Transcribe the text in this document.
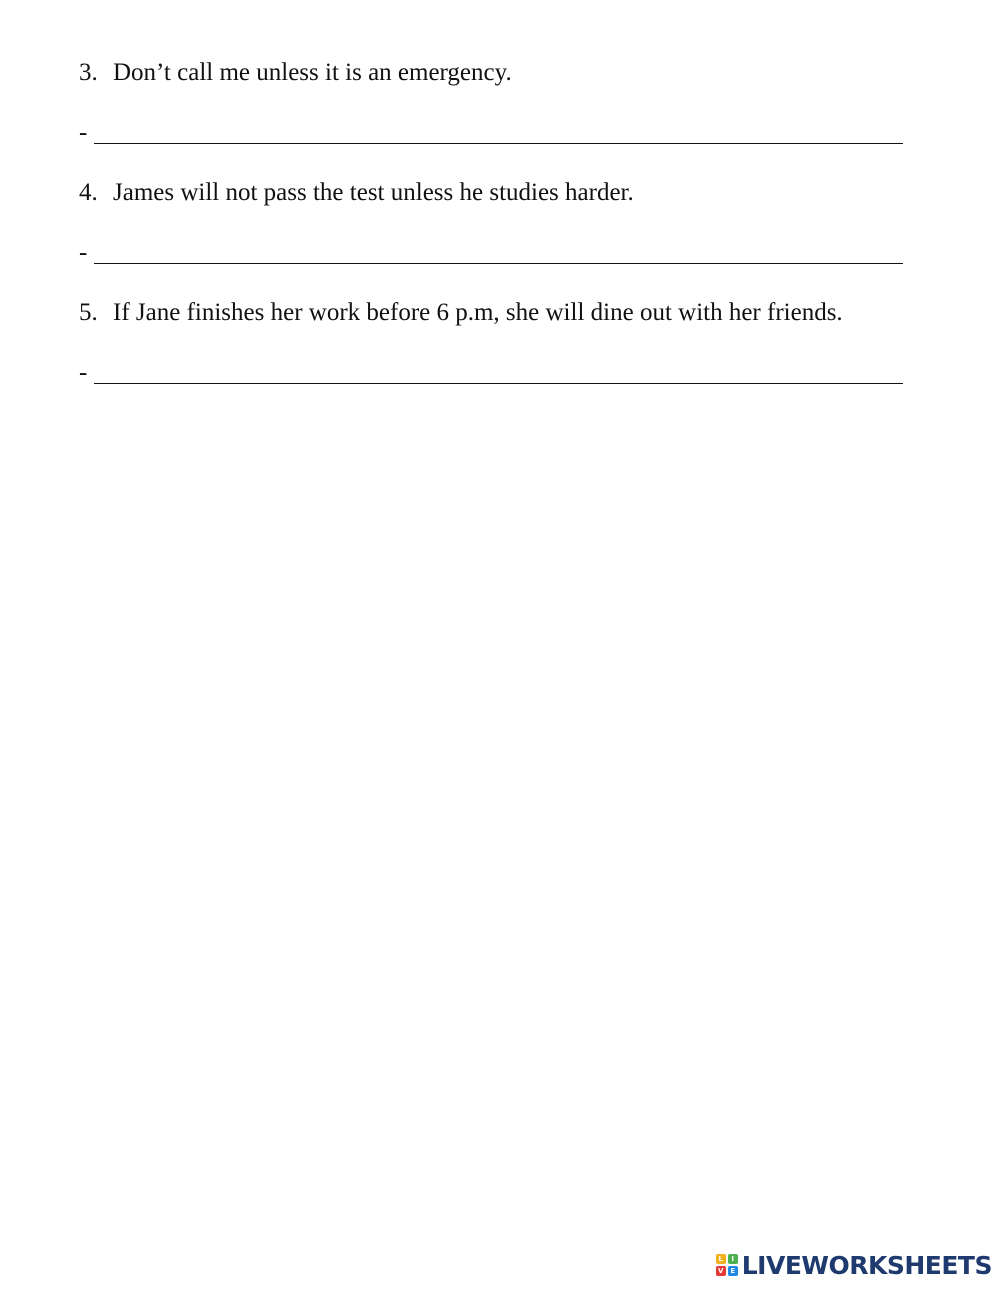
3. Don’t call me unless it is an emergency.
-
4. James will not pass the test unless he studies harder.
-
5. If Jane finishes her work before 6 p.m, she will dine out with her friends.
-
L	I
V E LIVEWORKSHEETS
